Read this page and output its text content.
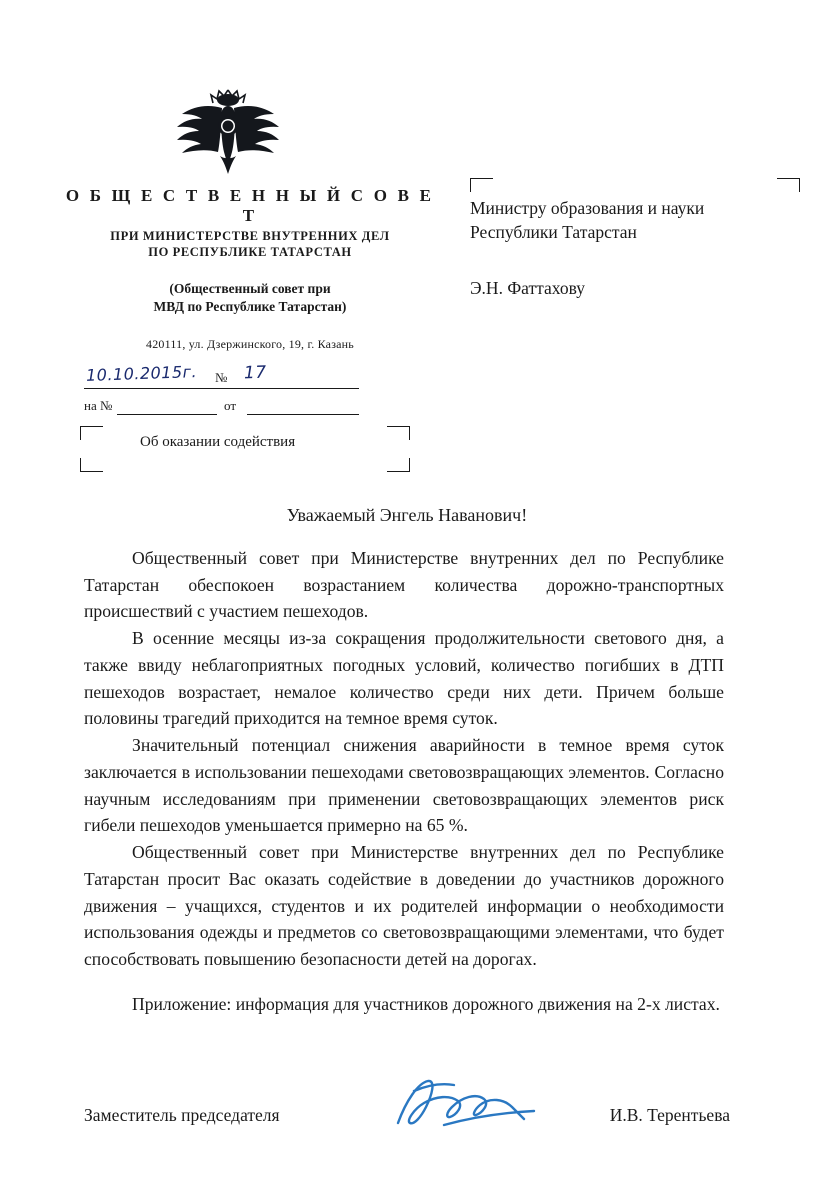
О Б Щ Е С Т В Е Н Н Ы Й С О В Е Т
ПРИ МИНИСТЕРСТВЕ ВНУТРЕННИХ ДЕЛ
ПО РЕСПУБЛИКЕ ТАТАРСТАН
(Общественный совет при
МВД по Республике Татарстан)
420111, ул. Дзержинского, 19, г. Казань
10.10.2015г. № 17
на №	от
Об оказании содействия
Министру образования и науки
Республики Татарстан
Э.Н. Фаттахову
Уважаемый Энгель Наванович!

Общественный совет при Министерстве внутренних дел по Республике Татарстан обеспокоен возрастанием количества дорожно-транспортных происшествий с участием пешеходов.

В осенние месяцы из-за сокращения продолжительности светового дня, а также ввиду неблагоприятных погодных условий, количество погибших в ДТП пешеходов возрастает, немалое количество среди них дети. Причем больше половины трагедий приходится на темное время суток.

Значительный потенциал снижения аварийности в темное время суток заключается в использовании пешеходами световозвращающих элементов. Согласно научным исследованиям при применении световозвращающих элементов риск гибели пешеходов уменьшается примерно на 65 %.

Общественный совет при Министерстве внутренних дел по Республике Татарстан просит Вас оказать содействие в доведении до участников дорожного движения – учащихся, студентов и их родителей информации о необходимости использования одежды и предметов со световозвращающими элементами, что будет способствовать повышению безопасности детей на дорогах.

Приложение: информация для участников дорожного движения на 2-х листах.

Заместитель председателя	И.В. Терентьева
